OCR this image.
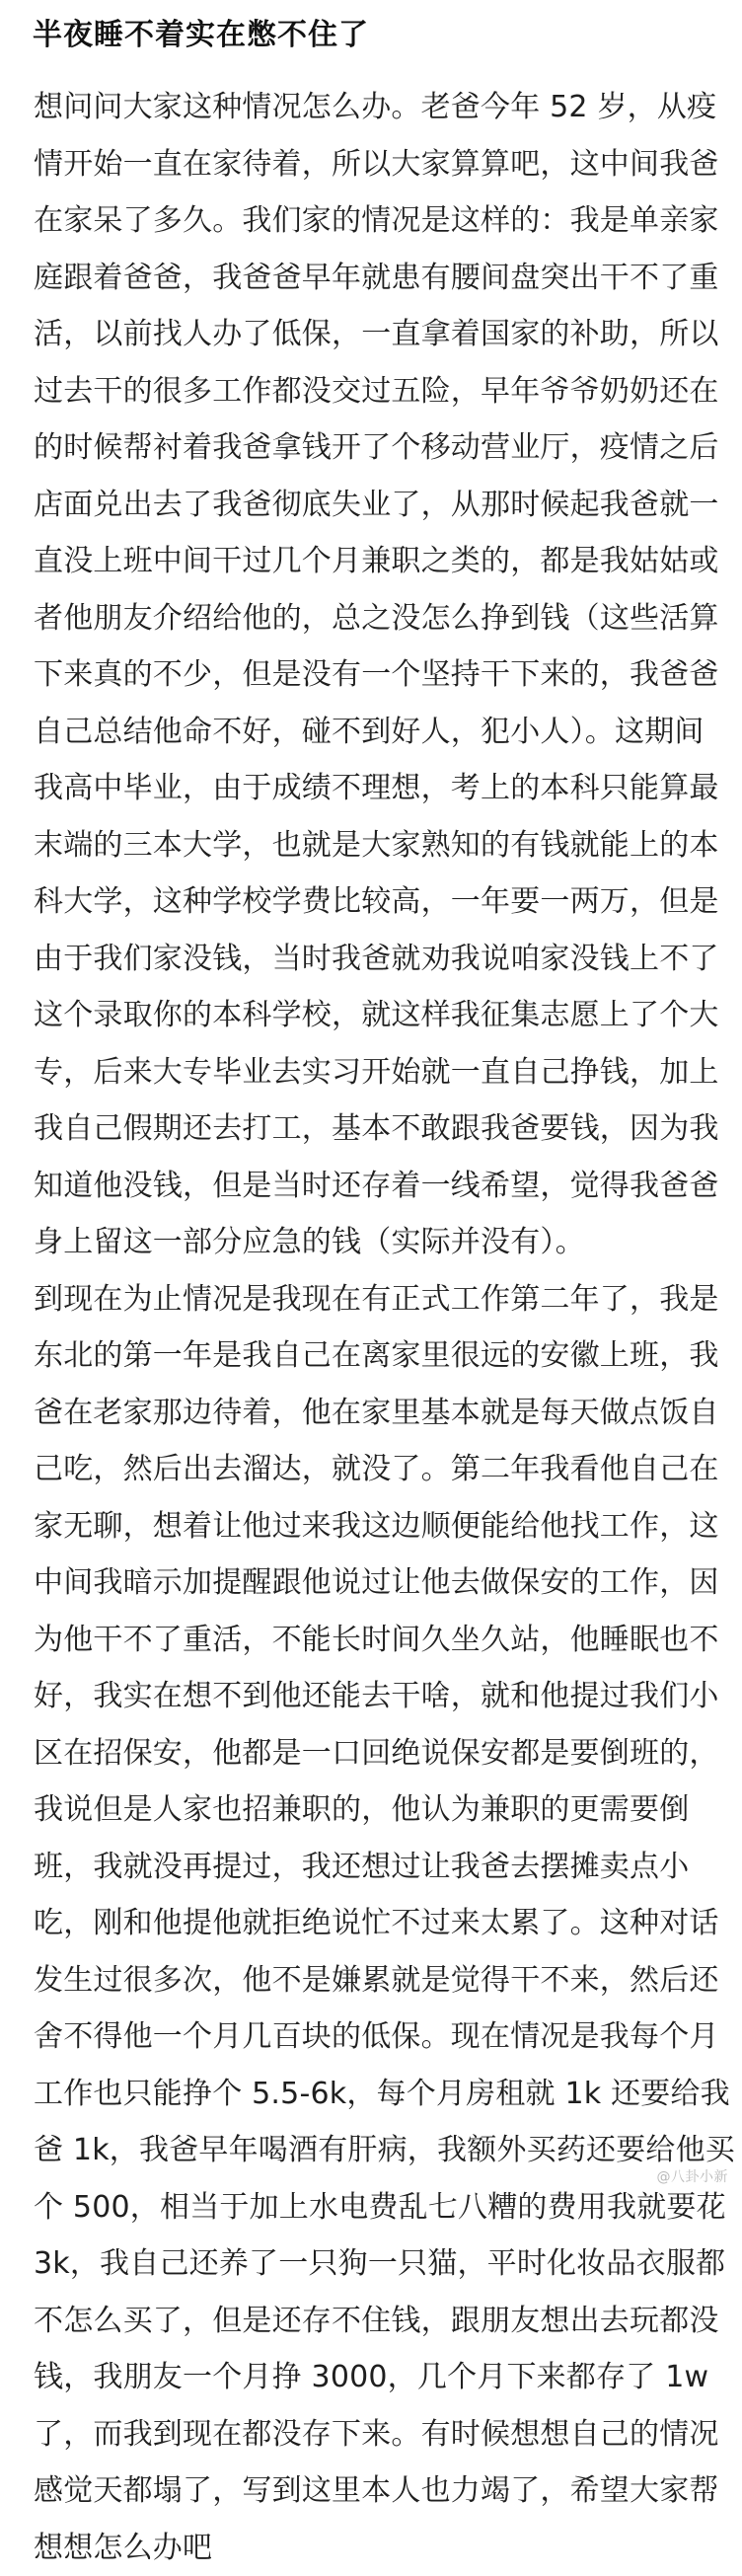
半夜睡不着实在憋不住了
想问问大家这种情况怎么办。老爸今年 52 岁，从疫
情开始一直在家待着，所以大家算算吧，这中间我爸
在家呆了多久。我们家的情况是这样的：我是单亲家
庭跟着爸爸，我爸爸早年就患有腰间盘突出干不了重
活，以前找人办了低保，一直拿着国家的补助，所以
过去干的很多工作都没交过五险，早年爷爷奶奶还在
的时候帮衬着我爸拿钱开了个移动营业厅，疫情之后
店面兑出去了我爸彻底失业了，从那时候起我爸就一
直没上班中间干过几个月兼职之类的，都是我姑姑或
者他朋友介绍给他的，总之没怎么挣到钱（这些活算
下来真的不少，但是没有一个坚持干下来的，我爸爸
自己总结他命不好，碰不到好人，犯小人）。这期间
我高中毕业，由于成绩不理想，考上的本科只能算最
末端的三本大学，也就是大家熟知的有钱就能上的本
科大学，这种学校学费比较高，一年要一两万，但是
由于我们家没钱，当时我爸就劝我说咱家没钱上不了
这个录取你的本科学校，就这样我征集志愿上了个大
专，后来大专毕业去实习开始就一直自己挣钱，加上
我自己假期还去打工，基本不敢跟我爸要钱，因为我
知道他没钱，但是当时还存着一线希望，觉得我爸爸
身上留这一部分应急的钱（实际并没有）。
到现在为止情况是我现在有正式工作第二年了，我是
东北的第一年是我自己在离家里很远的安徽上班，我
爸在老家那边待着，他在家里基本就是每天做点饭自
己吃，然后出去溜达，就没了。第二年我看他自己在
家无聊，想着让他过来我这边顺便能给他找工作，这
中间我暗示加提醒跟他说过让他去做保安的工作，因
为他干不了重活，不能长时间久坐久站，他睡眠也不
好，我实在想不到他还能去干啥，就和他提过我们小
区在招保安，他都是一口回绝说保安都是要倒班的，
我说但是人家也招兼职的，他认为兼职的更需要倒
班，我就没再提过，我还想过让我爸去摆摊卖点小
吃，刚和他提他就拒绝说忙不过来太累了。这种对话
发生过很多次，他不是嫌累就是觉得干不来，然后还
舍不得他一个月几百块的低保。现在情况是我每个月
工作也只能挣个 5.5-6k，每个月房租就 1k 还要给我
爸 1k，我爸早年喝酒有肝病，我额外买药还要给他买
个 500，相当于加上水电费乱七八糟的费用我就要花
3k，我自己还养了一只狗一只猫，平时化妆品衣服都
不怎么买了，但是还存不住钱，跟朋友想出去玩都没
钱，我朋友一个月挣 3000，几个月下来都存了 1w
了，而我到现在都没存下来。有时候想想自己的情况
感觉天都塌了，写到这里本人也力竭了，希望大家帮
想想怎么办吧
@八卦小新
